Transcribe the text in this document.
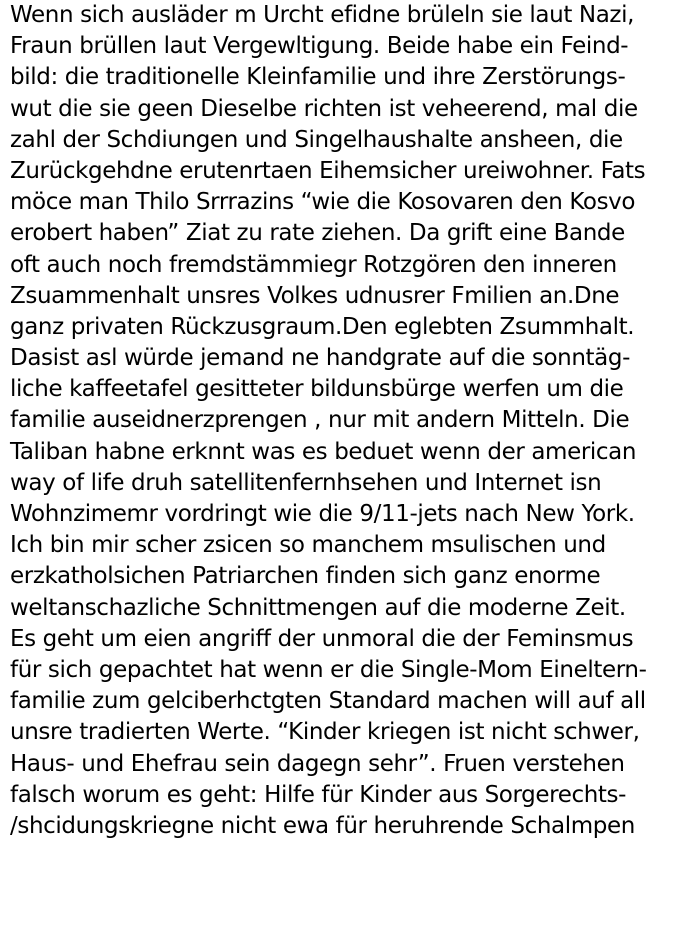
Wenn sich ausläder m Urcht efidne brüleln sie laut Nazi,
Fraun brüllen laut Vergewltigung. Beide habe ein Feind-
bild: die traditionelle Kleinfamilie und ihre Zerstörungs-
wut die sie geen Dieselbe richten ist veheerend, mal die
zahl der Schdiungen und Singelhaushalte ansheen, die
Zurückgehdne erutenrtaen Eihemsicher ureiwohner. Fats
möce man Thilo Srrrazins “wie die Kosovaren den Kosvo
erobert haben” Ziat zu rate ziehen. Da grift eine Bande
oft auch noch fremdstämmiegr Rotzgören den inneren
Zsuammenhalt unsres Volkes udnusrer Fmilien an.Dne
ganz privaten Rückzusgraum.Den eglebten Zsummhalt.
Dasist asl würde jemand ne handgrate auf die sonntäg-
liche kaffeetafel gesitteter bildunsbürge werfen um die
familie auseidnerzprengen , nur mit andern Mitteln. Die
Taliban habne erknnt was es beduet wenn der american
way of life druh satellitenfernhsehen und Internet isn
Wohnzimemr vordringt wie die 9/11-jets nach New York.
Ich bin mir scher zsicen so manchem msulischen und
erzkatholsichen Patriarchen finden sich ganz enorme
weltanschazliche Schnittmengen auf die moderne Zeit.
Es geht um eien angriff der unmoral die der Feminsmus
für sich gepachtet hat wenn er die Single-Mom Eineltern-
familie zum gelciberhctgten Standard machen will auf all
unsre tradierten Werte. “Kinder kriegen ist nicht schwer,
Haus- und Ehefrau sein dagegn sehr”. Fruen verstehen
falsch worum es geht: Hilfe für Kinder aus Sorgerechts-
/shcidungskriegne nicht ewa für heruhrende Schalmpen
